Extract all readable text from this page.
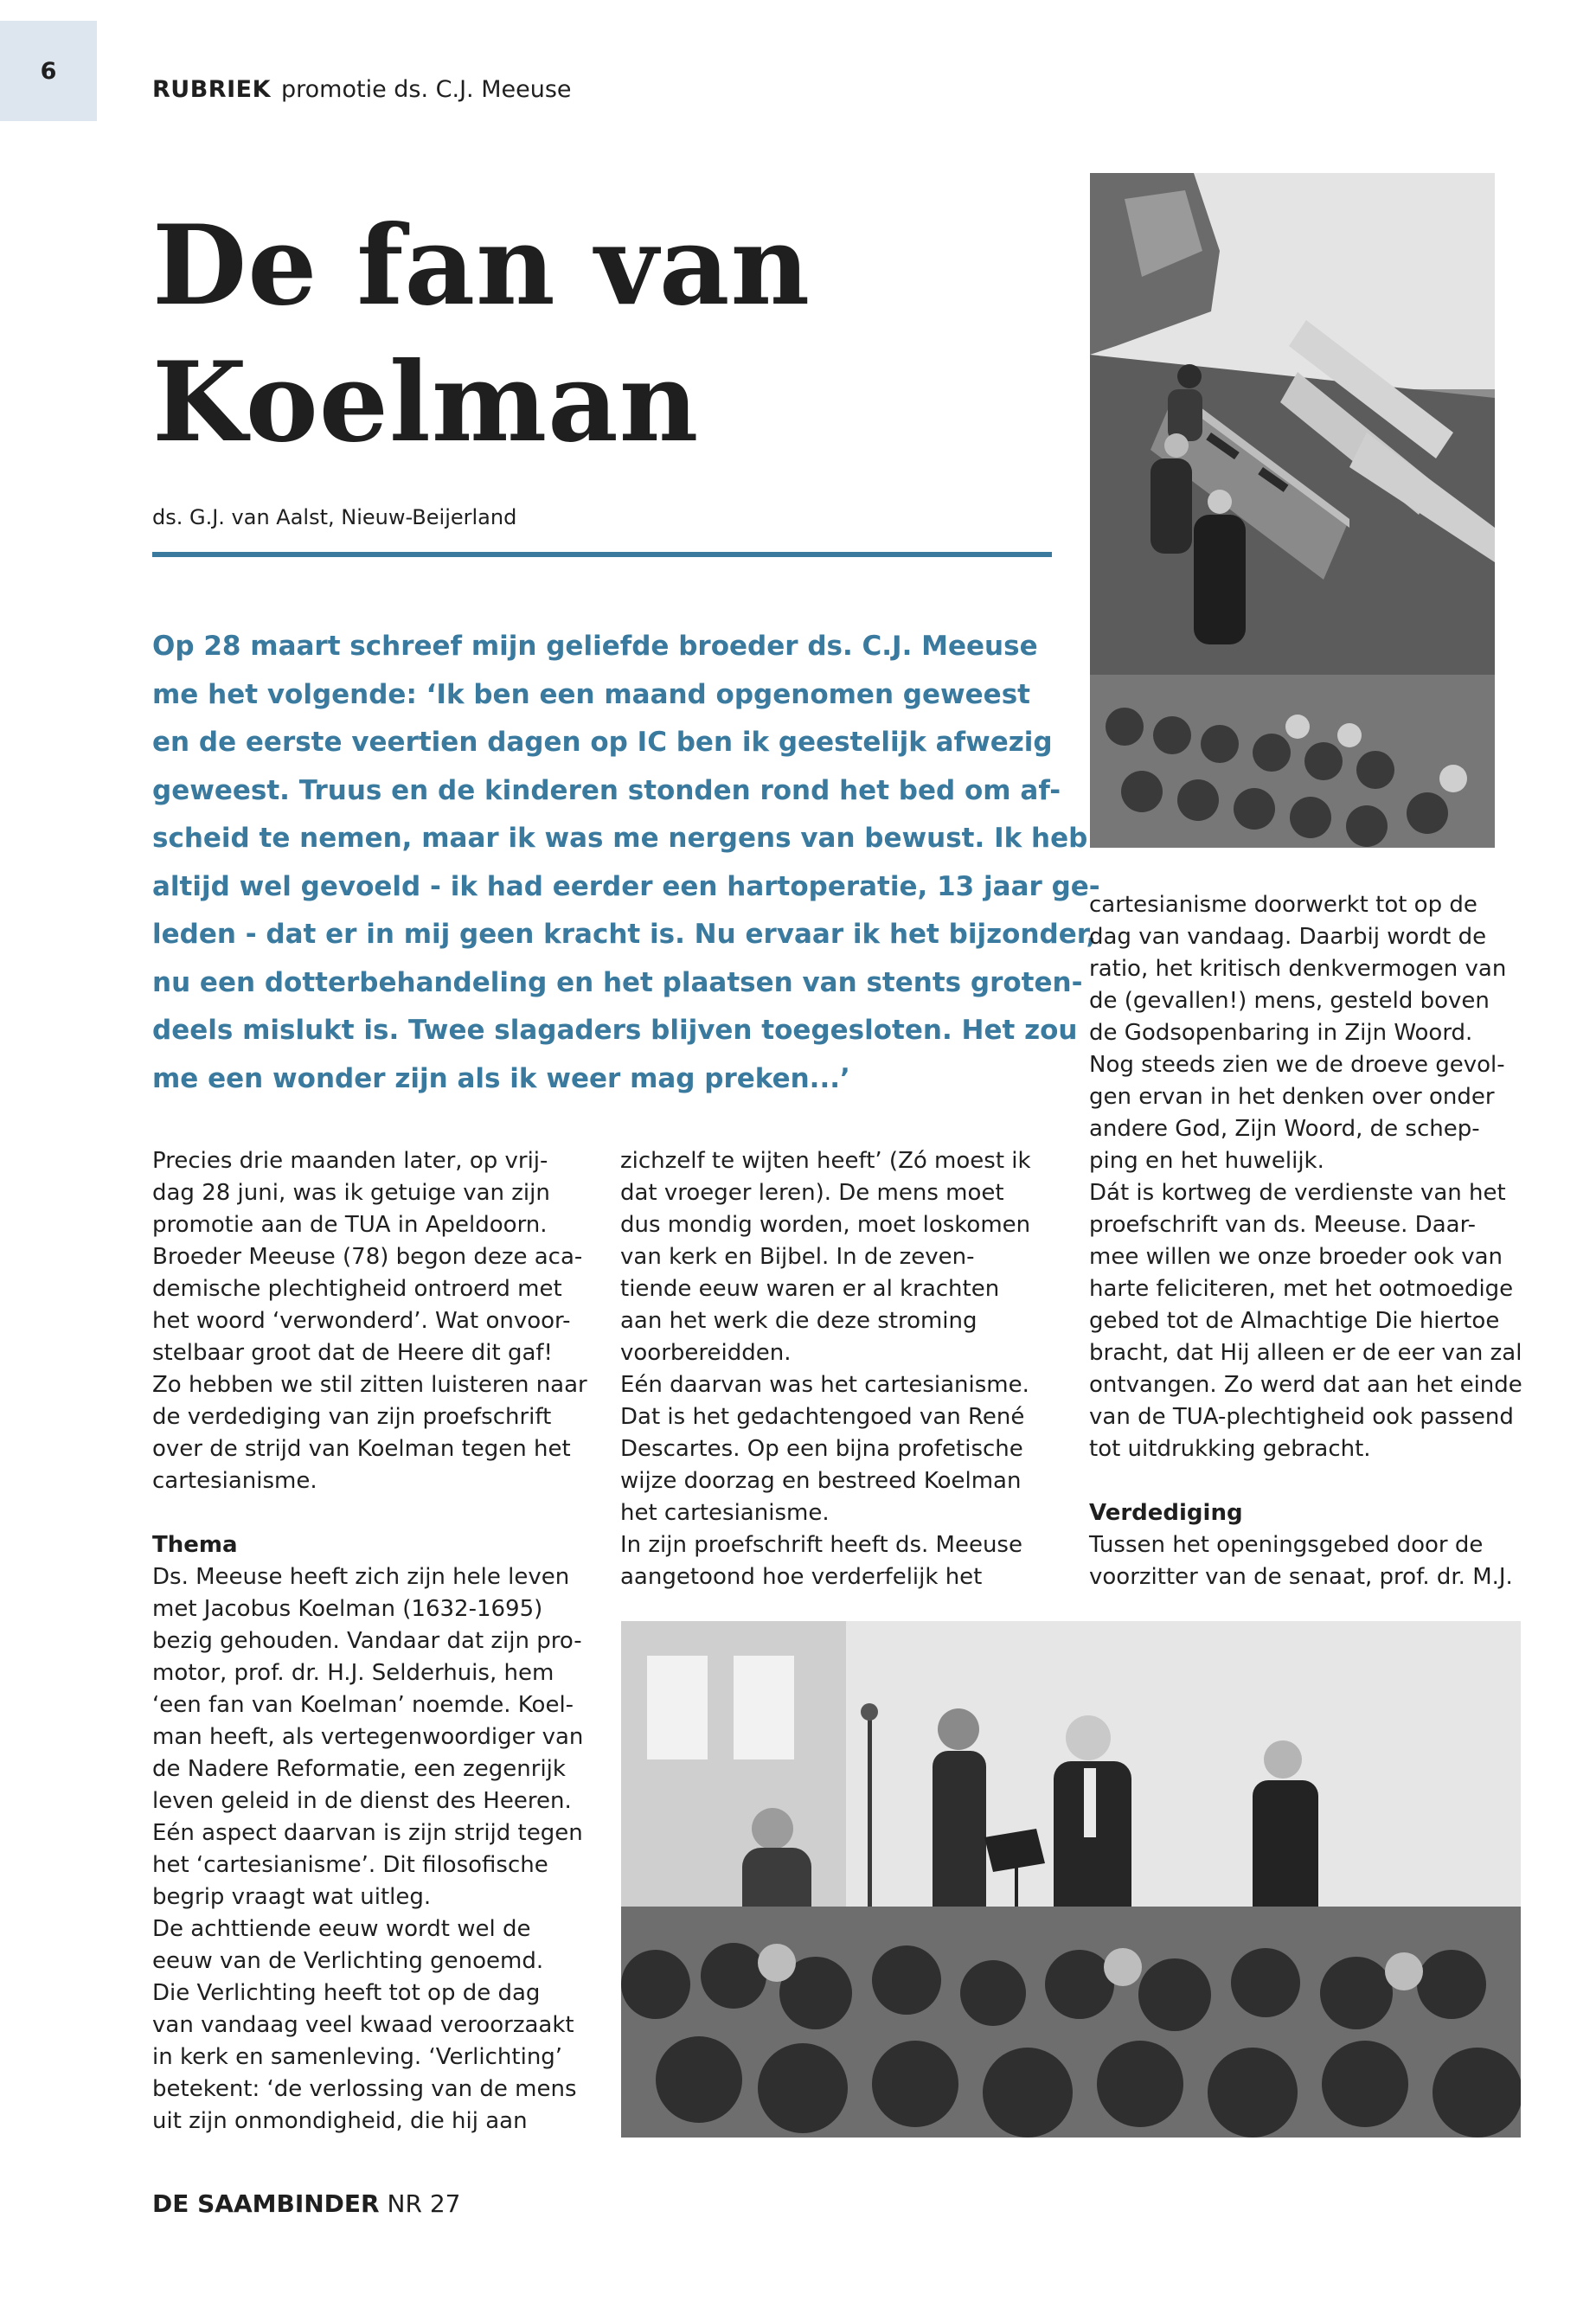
6
RUBRIEK promotie ds. C.J. Meeuse
De fan van
Koelman
ds. G.J. van Aalst, Nieuw-Beijerland
Op 28 maart schreef mijn geliefde broeder ds. C.J. Meeuse
me het volgende: ‘Ik ben een maand opgenomen geweest
en de eerste veertien dagen op IC ben ik geestelijk afwezig
geweest. Truus en de kinderen stonden rond het bed om af-
scheid te nemen, maar ik was me nergens van bewust. Ik heb
altijd wel gevoeld - ik had eerder een hartoperatie, 13 jaar ge-
leden - dat er in mij geen kracht is. Nu ervaar ik het bijzonder,
nu een dotterbehandeling en het plaatsen van stents groten-
deels mislukt is. Twee slagaders blijven toegesloten. Het zou
me een wonder zijn als ik weer mag preken...’
Precies drie maanden later, op vrij-
dag 28 juni, was ik getuige van zijn
promotie aan de TUA in Apeldoorn.
Broeder Meeuse (78) begon deze aca-
demische plechtigheid ontroerd met
het woord ‘verwonderd’. Wat onvoor-
stelbaar groot dat de Heere dit gaf!
Zo hebben we stil zitten luisteren naar
de verdediging van zijn proefschrift
over de strijd van Koelman tegen het
cartesianisme.
Thema
Ds. Meeuse heeft zich zijn hele leven
met Jacobus Koelman (1632-1695)
bezig gehouden. Vandaar dat zijn pro-
motor, prof. dr. H.J. Selderhuis, hem
‘een fan van Koelman’ noemde. Koel-
man heeft, als vertegenwoordiger van
de Nadere Reformatie, een zegenrijk
leven geleid in de dienst des Heeren.
Eén aspect daarvan is zijn strijd tegen
het ‘cartesianisme’. Dit filosofische
begrip vraagt wat uitleg.
De achttiende eeuw wordt wel de
eeuw van de Verlichting genoemd.
Die Verlichting heeft tot op de dag
van vandaag veel kwaad veroorzaakt
in kerk en samenleving. ‘Verlichting’
betekent: ‘de verlossing van de mens
uit zijn onmondigheid, die hij aan
zichzelf te wijten heeft’ (Zó moest ik
dat vroeger leren). De mens moet
dus mondig worden, moet loskomen
van kerk en Bijbel. In de zeven-
tiende eeuw waren er al krachten
aan het werk die deze stroming
voorbereidden.
Eén daarvan was het cartesianisme.
Dat is het gedachtengoed van René
Descartes. Op een bijna profetische
wijze doorzag en bestreed Koelman
het cartesianisme.
In zijn proefschrift heeft ds. Meeuse
aangetoond hoe verderfelijk het
cartesianisme doorwerkt tot op de
dag van vandaag. Daarbij wordt de
ratio, het kritisch denkvermogen van
de (gevallen!) mens, gesteld boven
de Godsopenbaring in Zijn Woord.
Nog steeds zien we de droeve gevol-
gen ervan in het denken over onder
andere God, Zijn Woord, de schep-
ping en het huwelijk.
Dát is kortweg de verdienste van het
proefschrift van ds. Meeuse. Daar-
mee willen we onze broeder ook van
harte feliciteren, met het ootmoedige
gebed tot de Almachtige Die hiertoe
bracht, dat Hij alleen er de eer van zal
ontvangen. Zo werd dat aan het einde
van de TUA-plechtigheid ook passend
tot uitdrukking gebracht.
Verdediging
Tussen het openingsgebed door de
voorzitter van de senaat, prof. dr. M.J.
DE SAAMBINDER NR 27
